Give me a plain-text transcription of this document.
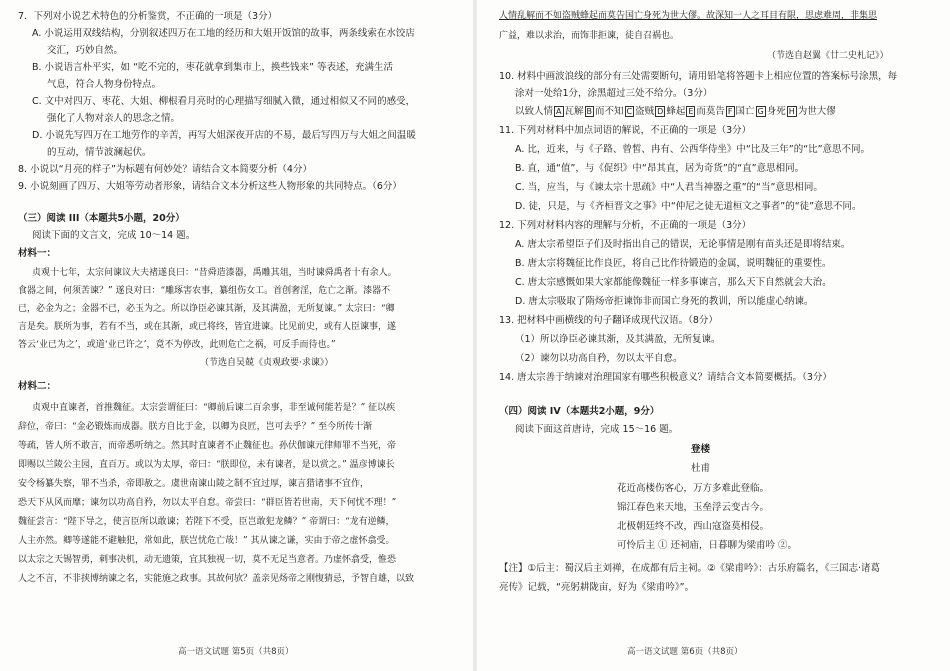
7．下列对小说艺术特色的分析鉴赏，不正确的一项是（3分）
A. 小说运用双线结构，分别叙述四万在工地的经历和大姐开饭馆的故事，两条线索在水饺店
交汇，巧妙自然。
B. 小说语言朴平实，如 “吃不完的，枣花就拿到集市上，换些钱来” 等表述，充满生活
气息，符合人物身份特点。
C. 文中对四万、枣花、大姐、柳根看月亮时的心理描写细腻入微，通过相似又不同的感受，
强化了人物对亲人的思念之情。
D. 小说先写四万在工地劳作的辛苦，再写大姐深夜开店的不易，最后写四万与大姐之间温暖
的互动，情节波澜起伏。
8. 小说以“月亮的样子”为标题有何妙处？请结合文本简要分析（4分）
9. 小说刻画了四万、大姐等劳动者形象，请结合文本分析这些人物形象的共同特点。（6分）
（三）阅读 III（本题共5小题，20分）
阅读下面的文言文，完成 10～14 题。
材料一：
贞观十七年，太宗问谏议大夫褚遂良曰：“昔舜造漆器，禹雕其俎，当时谏舜禹者十有余人。
食器之间，何须苦谏？” 遂良对曰：“雕琢害农事，纂组伤女工。首创奢淫，危亡之渐。漆器不
已，必金为之；金器不已，必玉为之。所以诤臣必谏其渐，及其满盈，无所复谏。” 太宗曰：“卿
言是矣。朕所为事，若有不当，或在其渐，或已将终，皆宜进谏。比见前史，或有人臣谏事，遂
答云‘业已为之’，或道‘业已许之’，竟不为停改，此则危亡之祸，可反手而待也。”
（节选自吴兢《贞观政要·求谏》）
材料二：
贞观中直谏者，首推魏征。太宗尝谓征曰：“卿前后谏二百余事，非至诚何能若是？” 征以疾
辞位，帝曰：“金必锻炼而成器。朕方自比于金，以卿为良匠，岂可去乎？” 至今所传十渐
等疏，皆人所不敢言，而帝悉听纳之。然其时直谏者不止魏征也。孙伏伽谏元律师罪不当死，帝
即赐以兰陵公主园，直百万。或以为太厚，帝曰：“朕即位，未有谏者，是以赏之。” 温彦博谏长
安令杨纂失察，罪不当杀，帝即赦之。虞世南谏山陵之制不宜过厚，谏言猎诸事不宜作，
恐天下从风而靡；谏勿以功高自矜，勿以太平自怠。帝尝曰：“群臣皆若世南，天下何忧不理！”
魏征尝言：“陛下导之，使言臣所以敢谏；若陛下不受，臣岂敢犯龙鳞？” 帝谓曰：“龙有逆鳞，
人主亦然。卿等遂能不避触犯，常如此，朕岂忧危亡哉！” 其从谏之谦，实由于帝之虚怀翕受。
以太宗之天锡智勇，刺事决机，动无遗策，宜其独视一切，莫不无足当意者。乃虚怀翕受，惟恐
人之不言，不非挟博纳谏之名，实能施之政事。其故何欤？盖亲见炀帝之刚愎猜忌，予智自雄，以致
高一语文试题 第5页（共8页）
人情乱解而不如盗贼蜂起而莫告国亡身死为世大僇。故深知一人之耳目有限，思虑难周，非集思
广益，难以求治，而饰非拒谏，徒自召祸也。
（节选自赵翼《廿二史札记》）
10. 材料中画波浪线的部分有三处需要断句，请用铅笔将答题卡上相应位置的答案标号涂黑，每
涂对一处给1分，涂黑超过三处不给分。（3分）
以致人情 A 瓦解 B 而不知 C 盗贼 D 蜂起 E 而莫告 F 国亡 G 身死 H 为世大僇
11. 下列对材料中加点词语的解说，不正确的一项是（3分）
A. 比，近来，与《子路、曾皙、冉有、公西华侍坐》中“比及三年”的“比”意思不同。
B. 直，通“值”，与《促织》中“昂其直，居为奇货”的“直”意思相同。
C. 当，应当，与《谏太宗十思疏》中“人君当神器之重”的“当”意思相同。
D. 徒，只是，与《齐桓晋文之事》中“仲尼之徒无道桓文之事者”的“徒”意思不同。
12. 下列对材料内容的理解与分析，不正确的一项是（3分）
A. 唐太宗希望臣子们及时指出自己的错误，无论事情是刚有苗头还是即将结束。
B. 唐太宗将魏征比作良匠，将自己比作待锻造的金属，说明魏征的重要性。
C. 唐太宗感慨如果大家都能像魏征一样多事谏言，那么天下自然就会大治。
D. 唐太宗吸取了隋炀帝拒谏饰非而国亡身死的教训，所以能虚心纳谏。
13. 把材料中画横线的句子翻译成现代汉语。（8分）
（1）所以诤臣必谏其渐，及其满盈，无所复谏。
（2）谏勿以功高自矜，勿以太平自怠。
14. 唐太宗善于纳谏对治理国家有哪些积极意义？请结合文本简要概括。（3分）
（四）阅读 IV（本题共2小题，9分）
阅读下面这首唐诗，完成 15～16 题。
登楼
杜甫
花近高楼伤客心，万方多难此登临。
锦江春色来天地，玉垒浮云变古今。
北极朝廷终不改，西山寇盗莫相侵。
可怜后主 ① 还祠庙，日暮聊为梁甫吟 ②。
【注】①后主：蜀汉后主刘禅，在成都有后主祠。②《梁甫吟》：古乐府篇名，《三国志·诸葛
亮传》记载，“亮躬耕陇亩，好为《梁甫吟》”。
高一语文试题 第6页（共8页）
